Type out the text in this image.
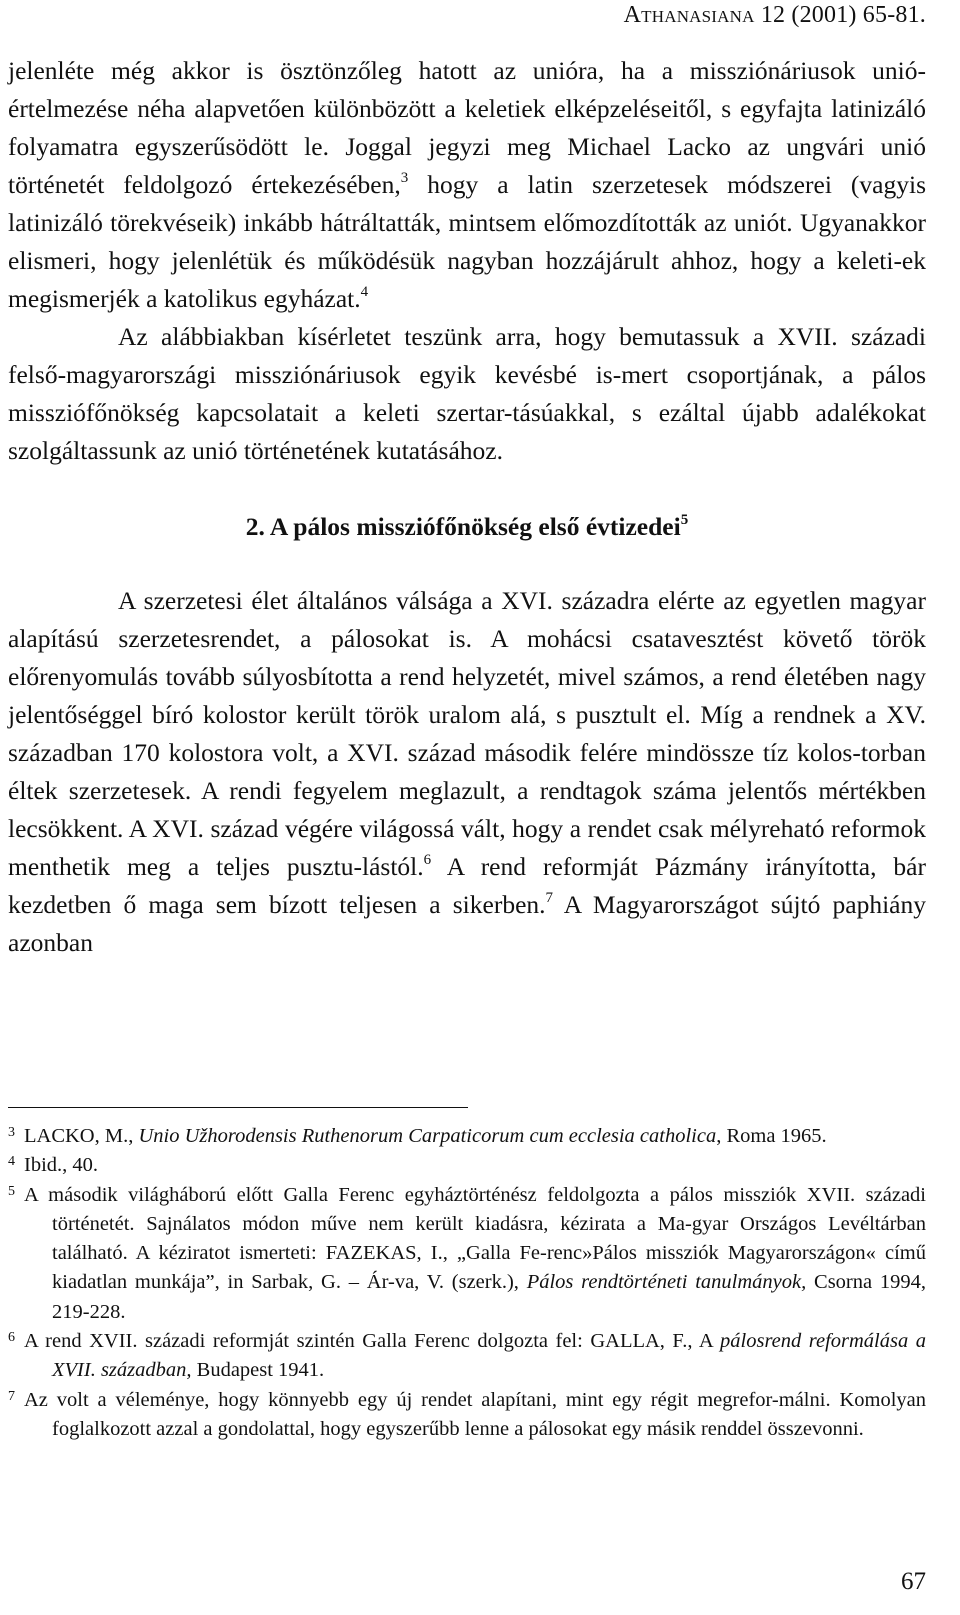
Athanasiana 12 (2001) 65-81.

jelenléte még akkor is ösztönzőleg hatott az unióra, ha a missziónáriusok unió-értelmezése néha alapvetően különbözött a keletiek elképzeléseitől, s egyfajta latinizáló folyamatra egyszerűsödött le. Joggal jegyzi meg Michael Lacko az ungvári unió történetét feldolgozó értekezésében,$^3$ hogy a latin szerzetesek módszerei (vagyis latinizáló törekvéseik) inkább hátráltatták, mintsem előmozdították az uniót. Ugyanakkor elismeri, hogy jelenlétük és működésük nagyban hozzájárult ahhoz, hogy a keleti-ek megismerjék a katolikus egyházat.$^4$

Az alábbiakban kísérletet teszünk arra, hogy bemutassuk a XVII. századi felső-magyarországi missziónáriusok egyik kevésbé is-mert csoportjának, a pálos missziófőnökség kapcsolatait a keleti szertar-tásúakkal, s ezáltal újabb adalékokat szolgáltassunk az unió történetének kutatásához.

2. A pálos missziófőnökség első évtizedei$^5$

A szerzetesi élet általános válsága a XVI. századra elérte az egyetlen magyar alapítású szerzetesrendet, a pálosokat is. A mohácsi csatavesztést követő török előrenyomulás tovább súlyosbította a rend helyzetét, mivel számos, a rend életében nagy jelentőséggel bíró kolostor került török uralom alá, s pusztult el. Míg a rendnek a XV. században 170 kolostora volt, a XVI. század második felére mindössze tíz kolos-torban éltek szerzetesek. A rendi fegyelem meglazult, a rendtagok száma jelentős mértékben lecsökkent. A XVI. század végére világossá vált, hogy a rendet csak mélyreható reformok menthetik meg a teljes pusztu-lástól.$^6$ A rend reformját Pázmány irányította, bár kezdetben ő maga sem bízott teljesen a sikerben.$^7$ A Magyarországot sújtó paphiány azonban

3 LACKO, M., Unio Užhorodensis Ruthenorum Carpaticorum cum ecclesia catholica, Roma 1965.

4 Ibid., 40.

5 A második világháború előtt Galla Ferenc egyháztörténész feldolgozta a pálos missziók XVII. századi történetét. Sajnálatos módon műve nem került kiadásra, kézirata a Ma-gyar Országos Levéltárban található. A kéziratot ismerteti: FAZEKAS, I., „Galla Fe-renc»Pálos missziók Magyarországon« című kiadatlan munkája”, in Sarbak, G. – Ár-va, V. (szerk.), Pálos rendtörténeti tanulmányok, Csorna 1994, 219-228.

6 A rend XVII. századi reformját szintén Galla Ferenc dolgozta fel: GALLA, F., A pálosrend reformálása a XVII. században, Budapest 1941.

7 Az volt a véleménye, hogy könnyebb egy új rendet alapítani, mint egy régit megrefor-málni. Komolyan foglalkozott azzal a gondolattal, hogy egyszerűbb lenne a pálosokat egy másik renddel összevonni.

67
